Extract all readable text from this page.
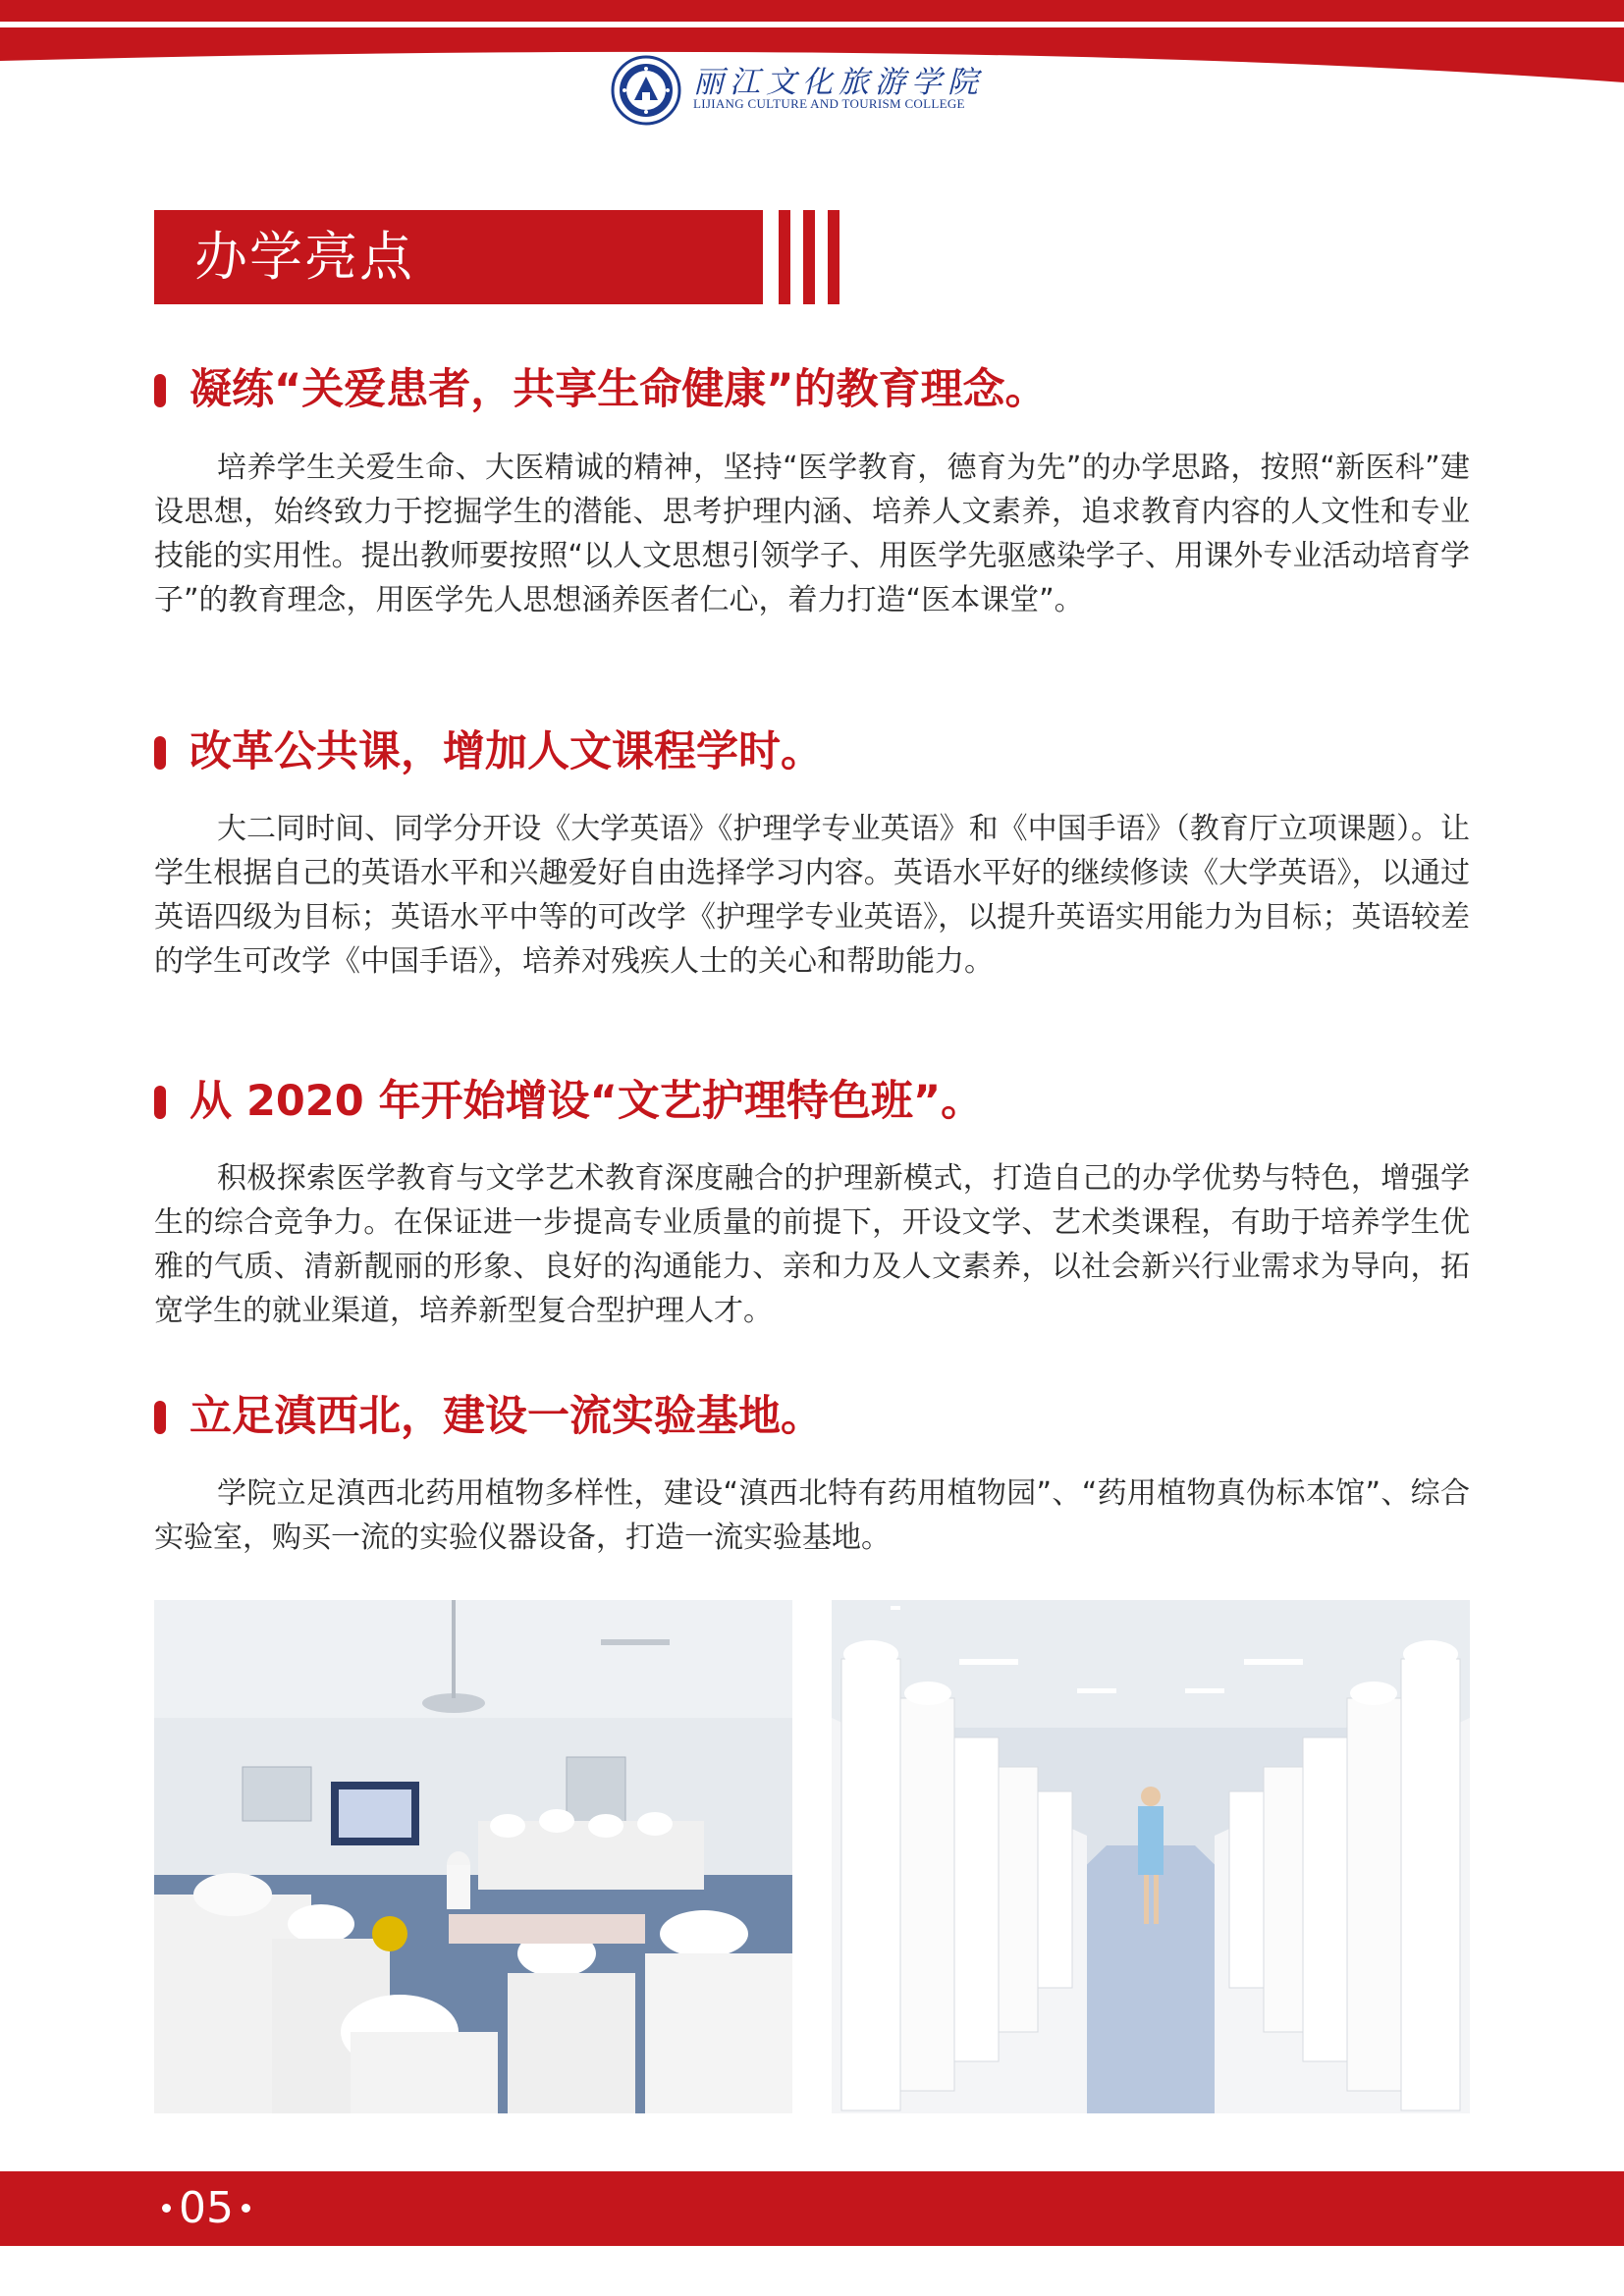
丽江文化旅游学院
LIJIANG CULTURE AND TOURISM COLLEGE
办学亮点
凝练“关爱患者，共享生命健康”的教育理念。

培养学生关爱生命、大医精诚的精神，坚持“医学教育，德育为先”的办学思路，按照“新医科”建设思想，始终致力于挖掘学生的潜能、思考护理内涵、培养人文素养，追求教育内容的人文性和专业技能的实用性。提出教师要按照“以人文思想引领学子、用医学先驱感染学子、用课外专业活动培育学子”的教育理念，用医学先人思想涵养医者仁心，着力打造“医本课堂”。

改革公共课，增加人文课程学时。

大二同时间、同学分开设《大学英语》《护理学专业英语》和《中国手语》（教育厅立项课题）。让学生根据自己的英语水平和兴趣爱好自由选择学习内容。英语水平好的继续修读《大学英语》，以通过英语四级为目标；英语水平中等的可改学《护理学专业英语》，以提升英语实用能力为目标；英语较差的学生可改学《中国手语》，培养对残疾人士的关心和帮助能力。

从 2020 年开始增设“文艺护理特色班”。

积极探索医学教育与文学艺术教育深度融合的护理新模式，打造自己的办学优势与特色，增强学生的综合竞争力。在保证进一步提高专业质量的前提下，开设文学、艺术类课程，有助于培养学生优雅的气质、清新靓丽的形象、良好的沟通能力、亲和力及人文素养，以社会新兴行业需求为导向，拓宽学生的就业渠道，培养新型复合型护理人才。

立足滇西北，建设一流实验基地。

学院立足滇西北药用植物多样性，建设“滇西北特有药用植物园”、“药用植物真伪标本馆”、综合实验室，购买一流的实验仪器设备，打造一流实验基地。

05
